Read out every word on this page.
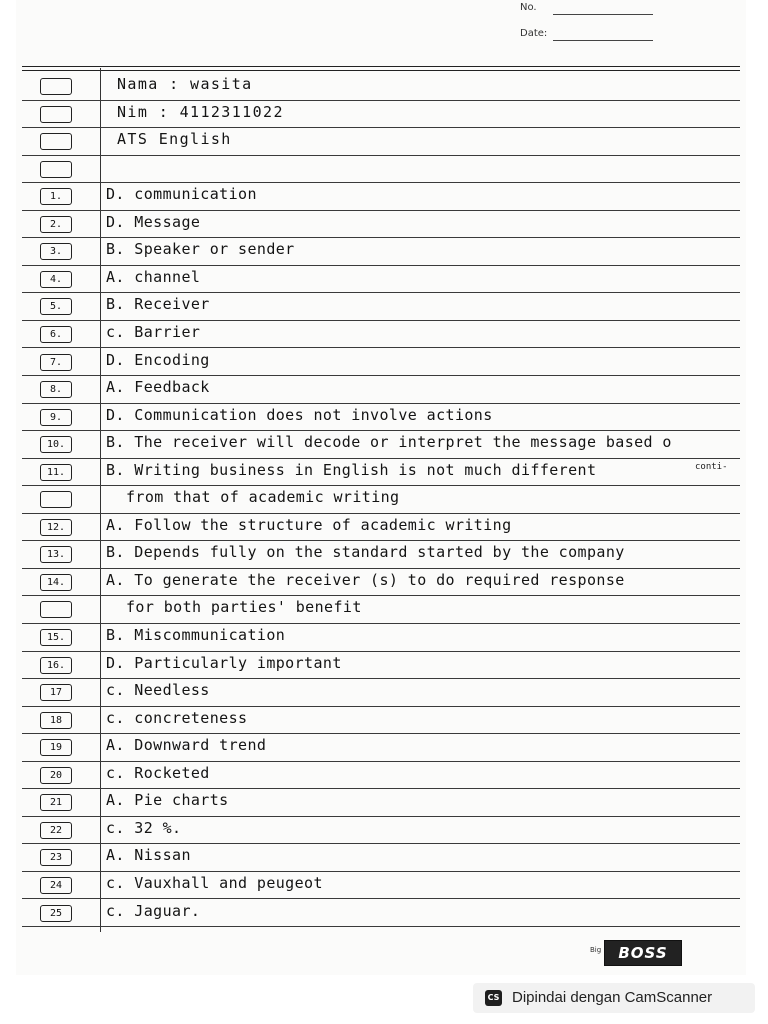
No.
Date:
Nama : wasita
Nim : 4112311022
ATS English
1.	D. communication
2.	D. Message
3.	B. Speaker or sender
4.	A. channel
5.	B. Receiver
6.	c. Barrier
7.	D. Encoding
8.	A. Feedback
9.	D. Communication does not involve actions
10.	B. The receiver will decode or interpret the message based o
11.	B. Writing business in English is not much different
from that of academic writing
12.	A. Follow the structure of academic writing
13.	B. Depends fully on the standard started by the company
14.	A. To generate the receiver (s) to do required response
for both parties' benefit
15.	B. Miscommunication
16.	D. Particularly important
17	c. Needless
18	c. concreteness
19	A. Downward trend
20	c. Rocketed
21	A. Pie charts
22	c. 32 %.
23	A. Nissan
24	c. Vauxhall and peugeot
25	c. Jaguar.
conti-
Big	BOSS
CS Dipindai dengan CamScanner
